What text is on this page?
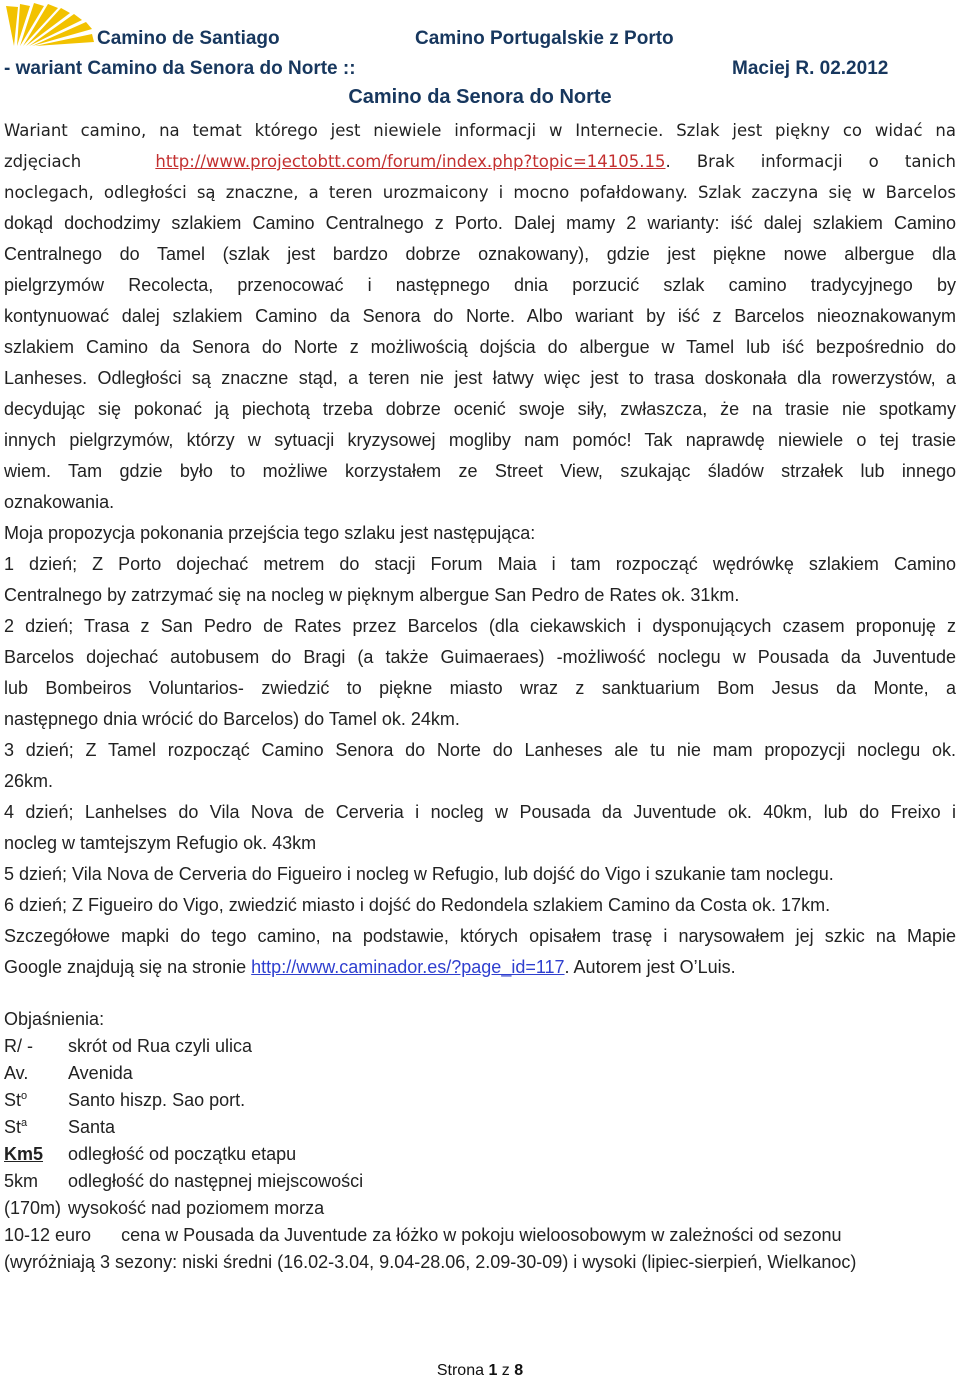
Camino de Santiago	Camino Portugalskie z Porto
- wariant Camino da Senora do Norte ::	Maciej R. 02.2012
Camino da Senora do Norte
Wariant camino, na temat którego jest niewiele informacji w Internecie. Szlak jest piękny co widać na
zdjęciach	http://www.projectobtt.com/forum/index.php?topic=14105.15. Brak informacji o tanich
noclegach, odległości są znaczne, a teren urozmaicony i mocno pofałdowany. Szlak zaczyna się w Barcelos
dokąd dochodzimy szlakiem Camino Centralnego z Porto. Dalej mamy 2 warianty: iść dalej szlakiem Camino
Centralnego do Tamel (szlak jest bardzo dobrze oznakowany), gdzie jest piękne nowe albergue dla
pielgrzymów Recolecta, przenocować i następnego dnia porzucić szlak camino tradycyjnego by
kontynuować dalej szlakiem Camino da Senora do Norte. Albo wariant by iść z Barcelos nieoznakowanym
szlakiem Camino da Senora do Norte z możliwością dojścia do albergue w Tamel lub iść bezpośrednio do
Lanheses. Odległości są znaczne stąd, a teren nie jest łatwy więc jest to trasa doskonała dla rowerzystów, a
decydując się pokonać ją piechotą trzeba dobrze ocenić swoje siły, zwłaszcza, że na trasie nie spotkamy
innych pielgrzymów, którzy w sytuacji kryzysowej mogliby nam pomóc! Tak naprawdę niewiele o tej trasie
wiem. Tam gdzie było to możliwe korzystałem ze Street View, szukając śladów strzałek lub innego
oznakowania.
Moja propozycja pokonania przejścia tego szlaku jest następująca:
1 dzień; Z Porto dojechać metrem do stacji Forum Maia i tam rozpocząć wędrówkę szlakiem Camino
Centralnego by zatrzymać się na nocleg w pięknym albergue San Pedro de Rates ok. 31km.
2 dzień; Trasa z San Pedro de Rates przez Barcelos (dla ciekawskich i dysponujących czasem proponuję z
Barcelos dojechać autobusem do Bragi (a także Guimaeraes) -możliwość noclegu w Pousada da Juventude
lub Bombeiros Voluntarios- zwiedzić to piękne miasto wraz z sanktuarium Bom Jesus da Monte, a
następnego dnia wrócić do Barcelos) do Tamel ok. 24km.
3 dzień; Z Tamel rozpocząć Camino Senora do Norte do Lanheses ale tu nie mam propozycji noclegu ok.
26km.
4 dzień; Lanhelses do Vila Nova de Cerveria i nocleg w Pousada da Juventude ok. 40km, lub do Freixo i
nocleg w tamtejszym Refugio ok. 43km
5 dzień; Vila Nova de Cerveria do Figueiro i nocleg w Refugio, lub dojść do Vigo i szukanie tam noclegu.
6 dzień; Z Figueiro do Vigo, zwiedzić miasto i dojść do Redondela szlakiem Camino da Costa ok. 17km.
Szczegółowe mapki do tego camino, na podstawie, których opisałem trasę i narysowałem jej szkic na Mapie
Google znajdują się na stronie http://www.caminador.es/?page_id=117. Autorem jest O’Luis.
Objaśnienia:
R/ - skrót od Rua czyli ulica
Av. Avenida
St$^o$ Santo hiszp. Sao port.
St$^a$ Santa
Km5 odległość od początku etapu
5km odległość do następnej miejscowości
(170m) wysokość nad poziomem morza
10-12 euro      cena w Pousada da Juventude za łóżko w pokoju wieloosobowym w zależności od sezonu
(wyróżniają 3 sezony: niski średni (16.02-3.04, 9.04-28.06, 2.09-30-09) i wysoki (lipiec-sierpień, Wielkanoc)
Strona 1 z 8
